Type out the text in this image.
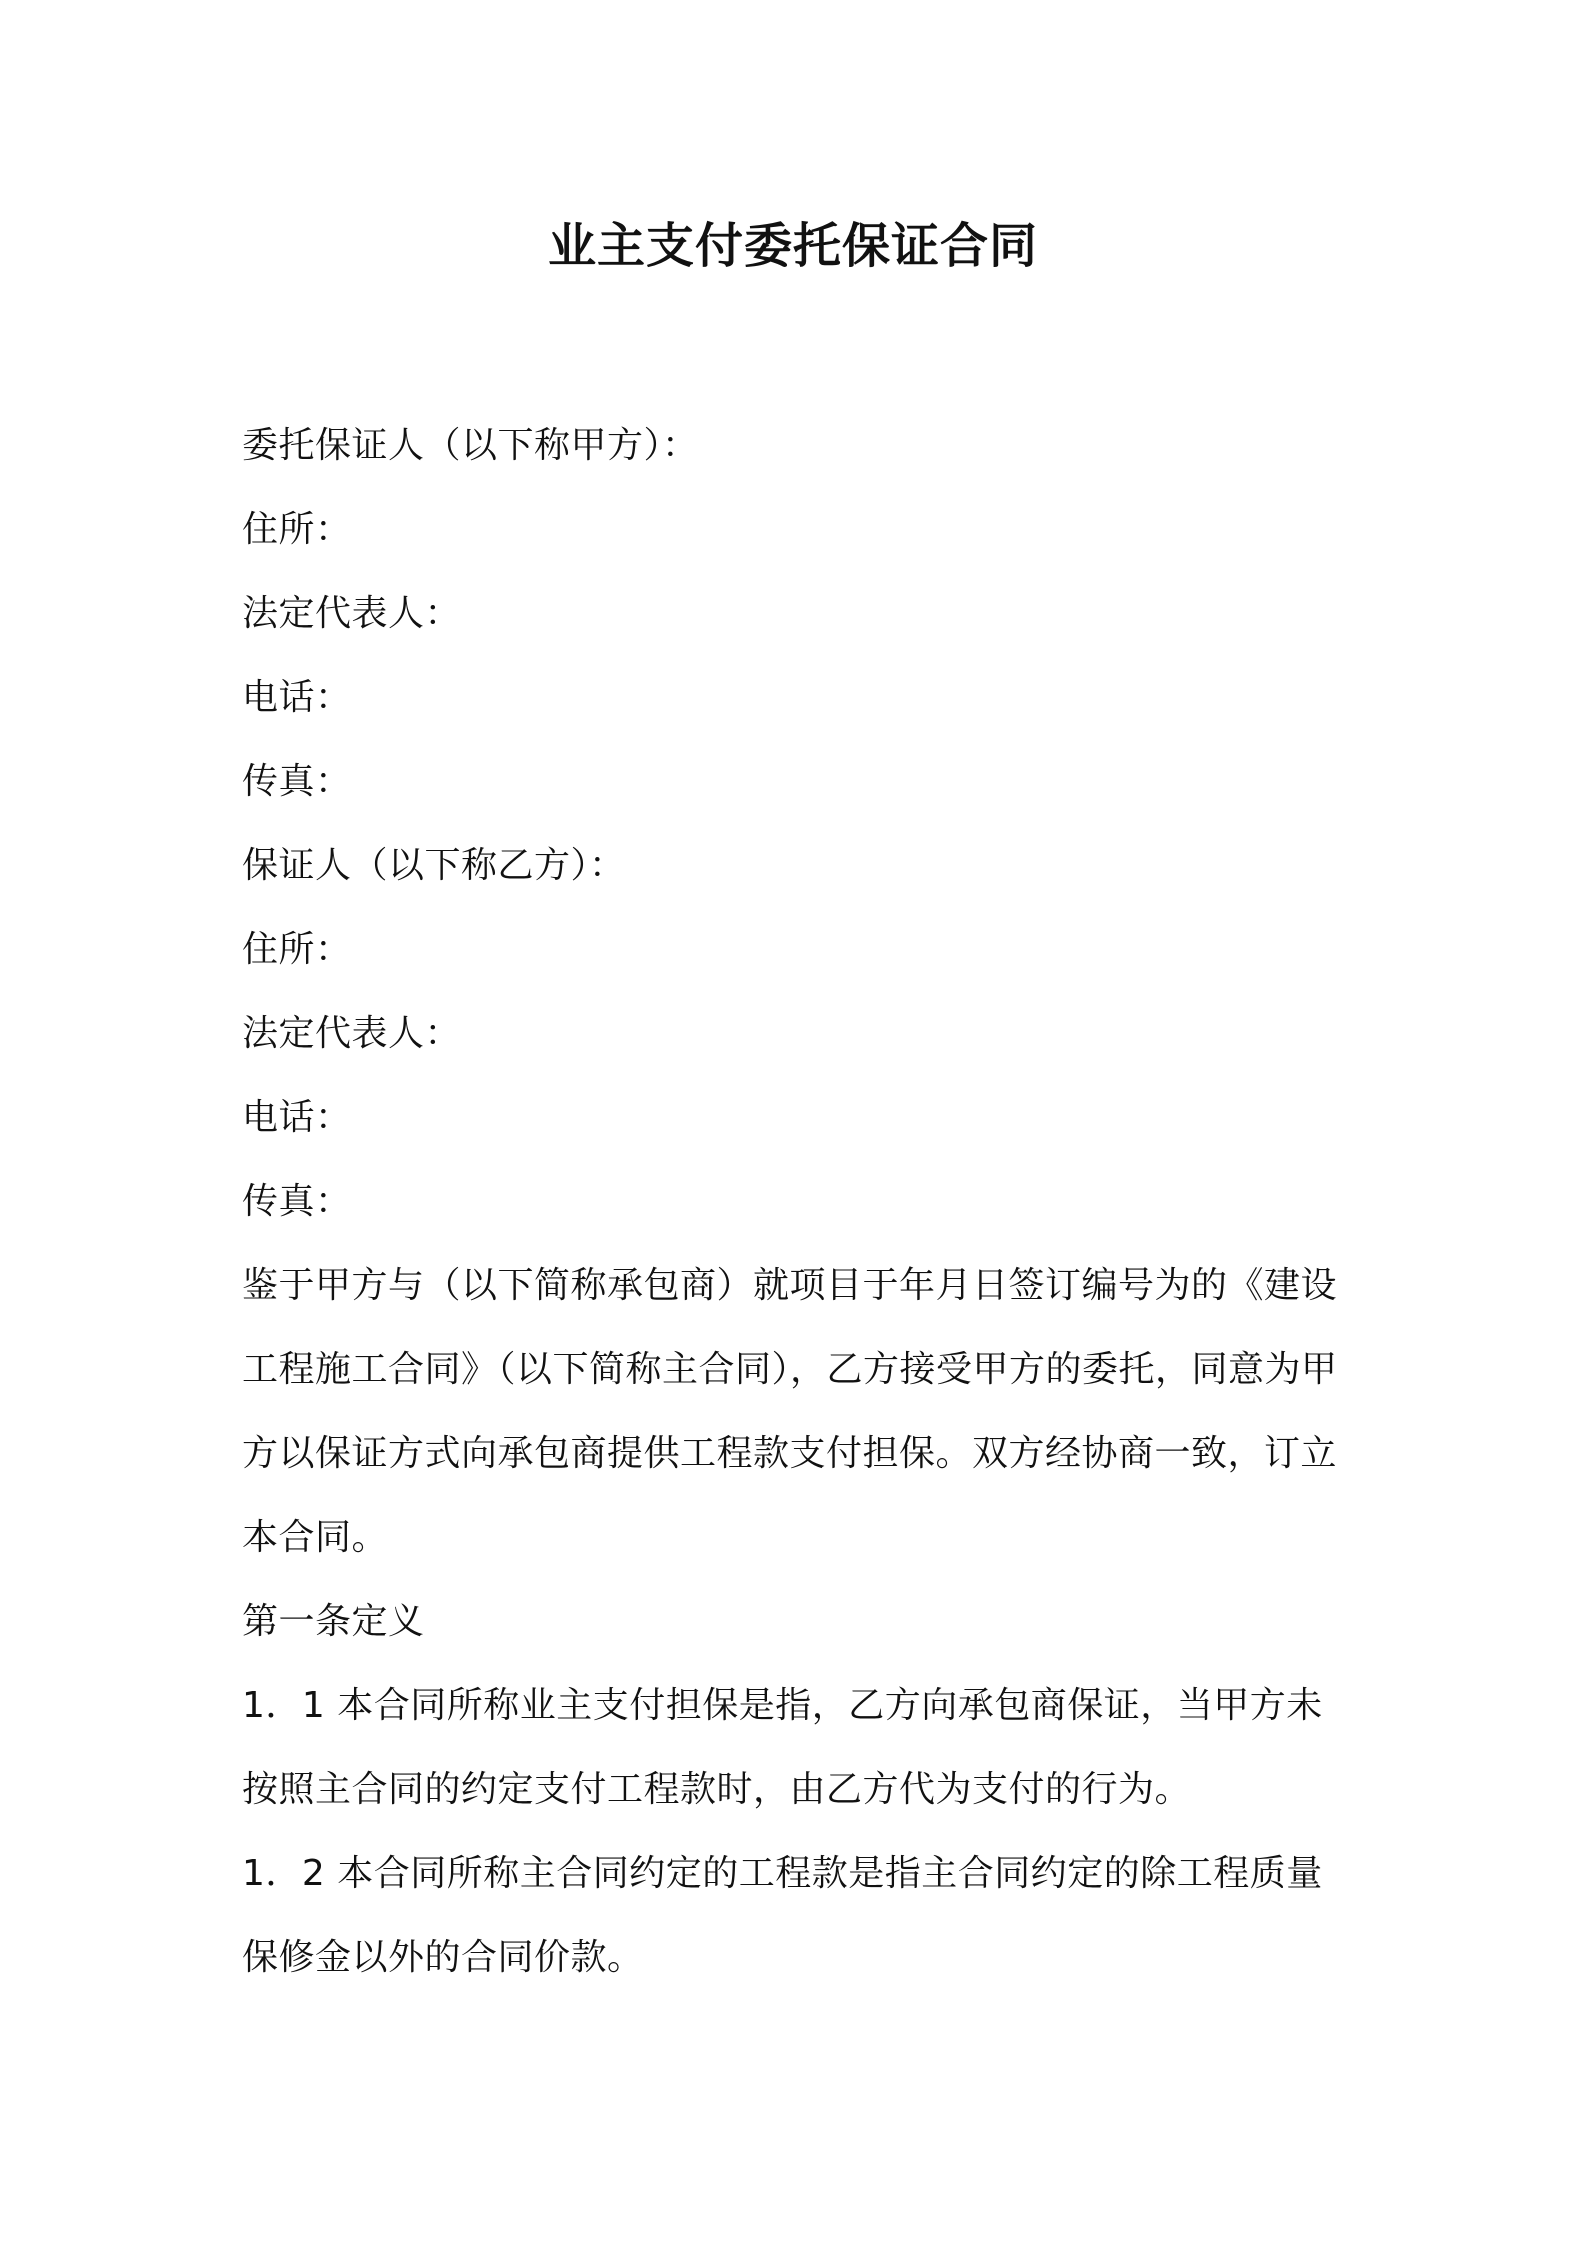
业主支付委托保证合同
委托保证人（以下称甲方）：
住所：
法定代表人：
电话：
传真：
保证人（以下称乙方）：
住所：
法定代表人：
电话：
传真：
鉴于甲方与（以下简称承包商）就项目于年月日签订编号为的《建设
工程施工合同》（以下简称主合同），乙方接受甲方的委托，同意为甲
方以保证方式向承包商提供工程款支付担保。双方经协商一致，订立
本合同。
第一条定义
1．1 本合同所称业主支付担保是指，乙方向承包商保证，当甲方未
按照主合同的约定支付工程款时，由乙方代为支付的行为。
1．2 本合同所称主合同约定的工程款是指主合同约定的除工程质量
保修金以外的合同价款。
